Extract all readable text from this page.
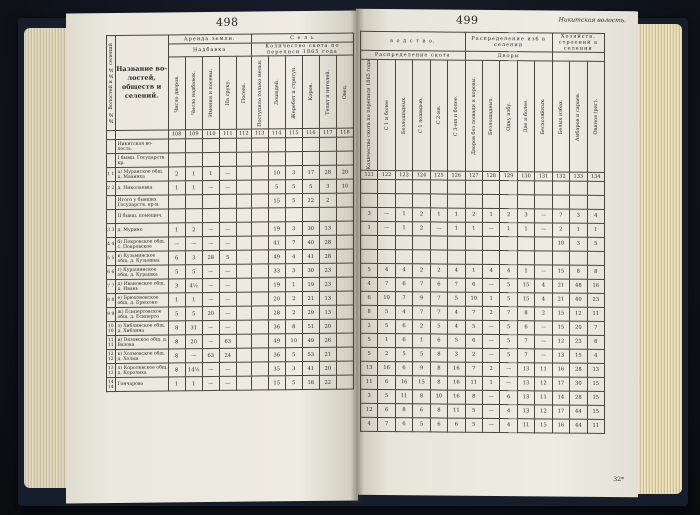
498
№№ Волостей и №№ селений	Название во- лостей, обществ и селений.	Аренда земли.					С е л ь					
		Надбавка					Количество скота по переписи 1865 года					

		Число дворов.	Число надбавок.	Имения и посевы.	На сруку.	Посева.	Поступило только мельн.	Лошадей.	Жеребят и стригун.	Коров.	Телят и нетелей.	Овец.

		108	109	110	111	112	113	114	115	116	117	118
	Никитская во- лость.											
	I бывш. Государств. кр.											
1 1	а) Муранское общ. д. Мааниха	2	1	1	—			10	3	17	28	20
2 2	д. Николаевка	1	1	—	—			5	5	5	3	10
	Итого у бывших Государств. кр-н.							15	5	22	2	
	II бывш. помещич.											
3 3	д. Мурино	1	2	—	—			19	3	30	13	
4 4	б) Покровское общ. с. Покровское	—	—	—	—			41	7	40	28	
5 5	в) Кузьминское общ. д. Кузьмина	6	3	28	5			49	4	41	28	
6 6	г) Курашинское общ. д. Курашка	5	5	—	—			33	3	30	23	
7 7	д) Ивановское общ. д. Ивань	3	4½	—	—			19	1	19	23	
8 8	е) Брюхоновское общ. д. Брюхоно	1	1	—	—			20	2	21	13	
9 9	ж) Есипертовское общ. д. Есиперто	5	5	20	—			28	2	29	13	
10 10	з) Хиблинское общ. д. Хиблина	8	31	—	—			36	8	51	20	
11 11	и) Вязовское общ. д. Вязова	8	20	—	63			49	10	49	26	
12 12	к) Холмовское общ. д. Холма	8	—	63	24			36	5	53	21	
13 13	л) Королевское общ. д. Королиха	8	14½	—	—			35	3	41	20	
14 14	Гончарова	1	1	—	—			15	5	18	22	
499	Никитская волость.
в о д с т в о.						Распределение изб в селении					Хозяйств. строений в селении		
Распределение скота						Дворы							

Количество скота по переписи 1865 года	С 1 и более	Безлошадных.	С 1 лошадью.	С 2-мя.	С 3-мя и более.	Дворов без лошади и коровы.	Безлошадных.	Одну избу.	Две и более.	Бесхозяйных.	Белых избах.	Амбаров и сараев.	Овинов (риг).

121	122	123	124	125	126	127	128	129	130	131	132	133	134

3	—	1	2	1	1	2	1	2	3	—	7	3	4
1	—	1	2	—	1	1	—	1	1	—	2	1	1
											10	3	5

5	4	4	2	2	4	1	4	4	1	—	15	8	8
4	7	6	7	6	7	6	—	5	15	4	21	48	16
6	10	7	9	7	5	10	1	5	15	4	21	40	23
8	5	4	7	7	4	7	2	7	8	2	15	12	11
2	5	6	2	5	4	5	—	5	6	—	15	20	7
5	1	6	1	6	5	6	—	5	7	—	12	23	8
5	2	5	5	8	3	2	—	5	7	—	13	15	4
13	16	6	9	8	16	7	2	—	13	11	16	28	13
11	6	16	15	8	16	11	1	—	13	12	17	30	15
3	5	11	8	10	16	8	—	6	13	11	14	28	15
12	6	8	6	8	11	5	—	4	13	12	17	44	15
4	7	6	5	6	6	5	—	4	11	15	16	44	11
32*
